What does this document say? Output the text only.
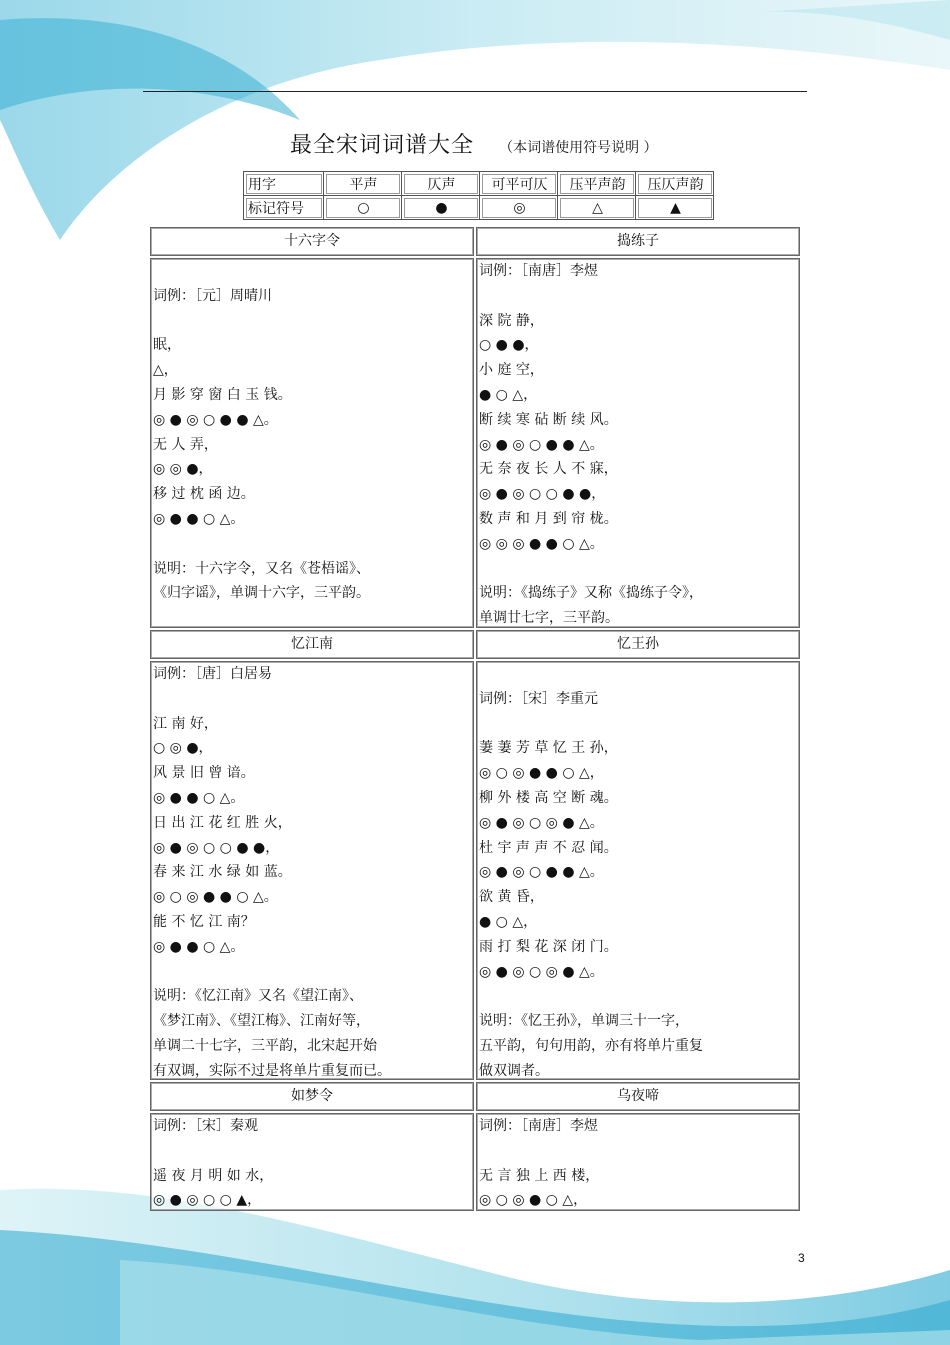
最全宋词词谱大全 （本词谱使用符号说明 ）
用字	平声	仄声	可平可仄	压平声韵	压仄声韵
标记符号	○	●	◎	△	▲
十六字令	捣练子
词例：［元］周晴川
眠，
△，
月 影 穿 窗 白 玉 钱。
◎ ● ◎ ○ ● ● △。
无 人 弄，
◎ ◎ ●，
移 过 枕 函 边。
◎ ● ● ○ △。
说明：十六字令，又名《苍梧谣》、
《归字谣》，单调十六字，三平韵。
词例：［南唐］李煜
深 院 静，
○ ● ●，
小 庭 空，
● ○ △，
断 续 寒 砧 断 续 风。
◎ ● ◎ ○ ● ● △。
无 奈 夜 长 人 不 寐，
◎ ● ◎ ○ ○ ● ●，
数 声 和 月 到 帘 栊。
◎ ◎ ◎ ● ● ○ △。
说明：《捣练子》又称《捣练子令》，
单调廿七字，三平韵。
忆江南	忆王孙
词例：［唐］白居易
江 南 好，
○ ◎ ●，
风 景 旧 曾 谙。
◎ ● ● ○ △。
日 出 江 花 红 胜 火，
◎ ● ◎ ○ ○ ● ●，
春 来 江 水 绿 如 蓝。
◎ ○ ◎ ● ● ○ △。
能 不 忆 江 南？
◎ ● ● ○ △。
说明：《忆江南》又名《望江南》、
《梦江南》、《望江梅》、江南好等，
单调二十七字，三平韵，北宋起开始
有双调，实际不过是将单片重复而已。
词例：［宋］李重元
萋 萋 芳 草 忆 王 孙，
◎ ○ ◎ ● ● ○ △，
柳 外 楼 高 空 断 魂。
◎ ● ◎ ○ ◎ ● △。
杜 宇 声 声 不 忍 闻。
◎ ● ◎ ○ ● ● △。
欲 黄 昏，
● ○ △，
雨 打 梨 花 深 闭 门。
◎ ● ◎ ○ ◎ ● △。
说明：《忆王孙》，单调三十一字，
五平韵，句句用韵，亦有将单片重复
做双调者。
如梦令	乌夜啼
词例：［宋］秦观
遥 夜 月 明 如 水，
◎ ● ◎ ○ ○ ▲，
词例：［南唐］李煜
无 言 独 上 西 楼，
◎ ○ ◎ ● ○ △，
3
